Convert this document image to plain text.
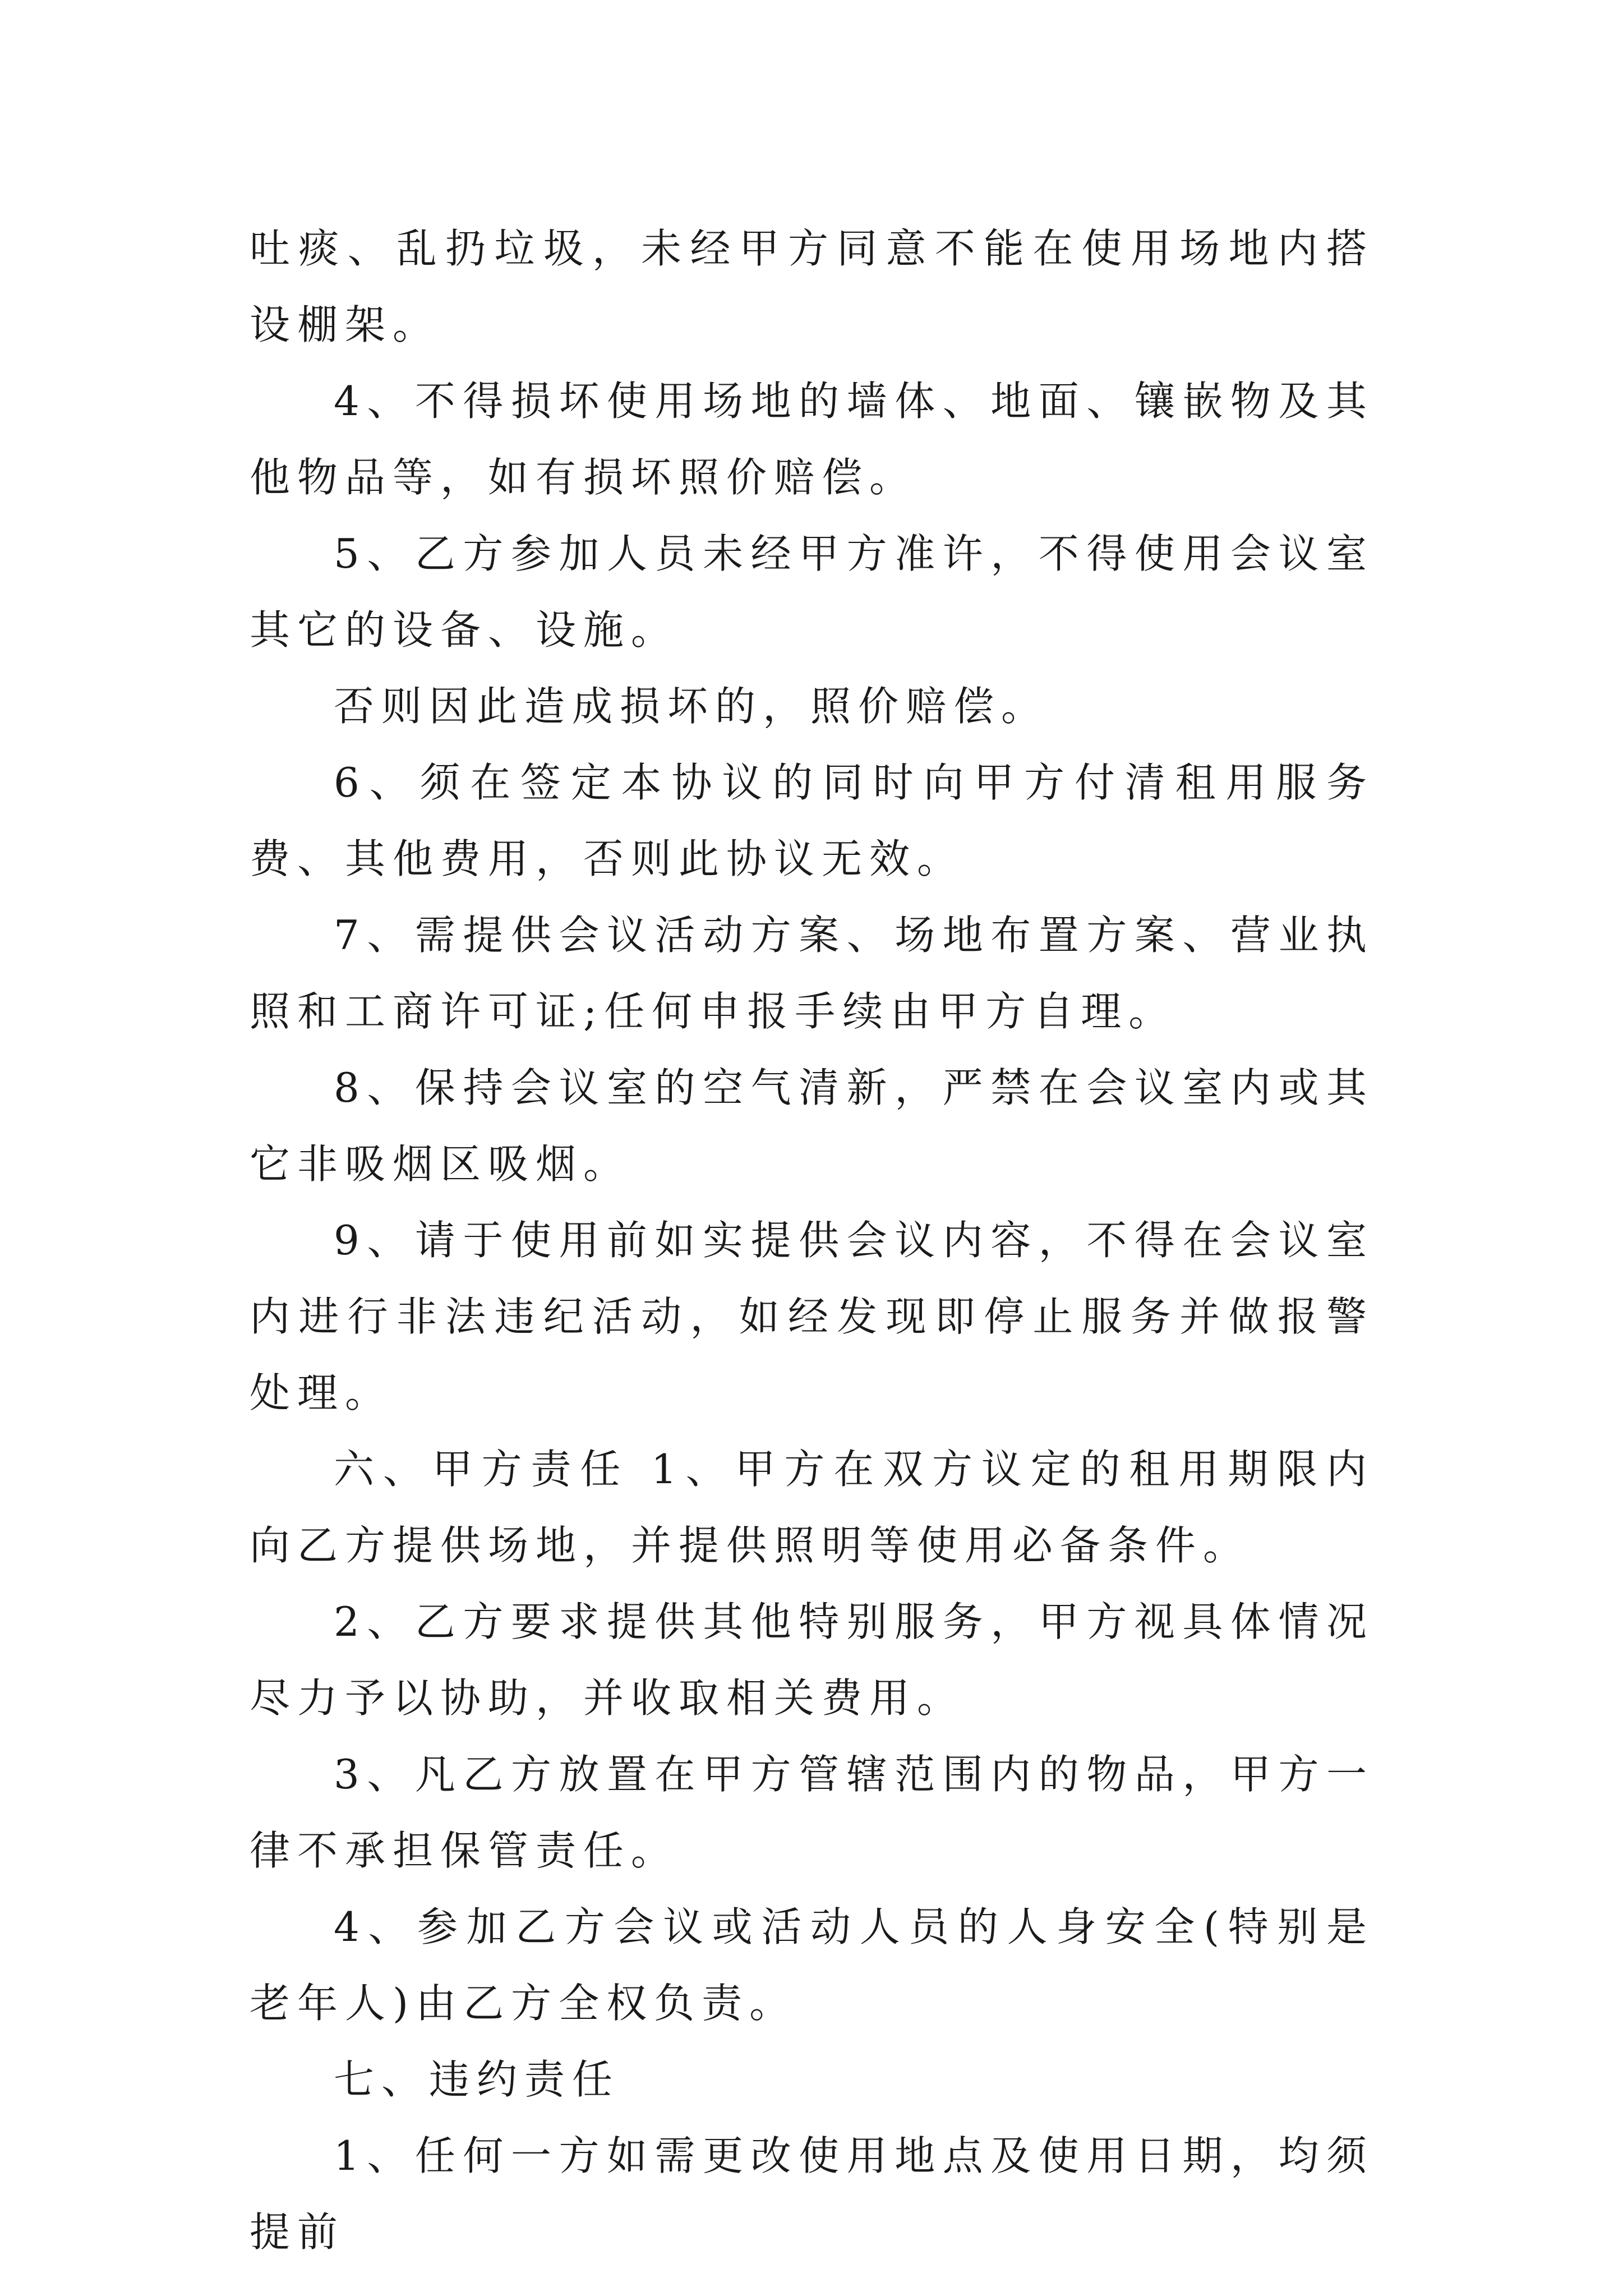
吐痰、乱扔垃圾，未经甲方同意不能在使用场地内搭设棚架。

4、不得损坏使用场地的墙体、地面、镶嵌物及其他物品等，如有损坏照价赔偿。

5、乙方参加人员未经甲方准许，不得使用会议室其它的设备、设施。

否则因此造成损坏的，照价赔偿。

6、须在签定本协议的同时向甲方付清租用服务费、其他费用，否则此协议无效。

7、需提供会议活动方案、场地布置方案、营业执照和工商许可证;任何申报手续由甲方自理。

8、保持会议室的空气清新，严禁在会议室内或其它非吸烟区吸烟。

9、请于使用前如实提供会议内容，不得在会议室内进行非法违纪活动，如经发现即停止服务并做报警处理。

六、甲方责任 1、甲方在双方议定的租用期限内向乙方提供场地，并提供照明等使用必备条件。

2、乙方要求提供其他特别服务，甲方视具体情况尽力予以协助，并收取相关费用。

3、凡乙方放置在甲方管辖范围内的物品，甲方一律不承担保管责任。

4、参加乙方会议或活动人员的人身安全(特别是老年人)由乙方全权负责。

七、违约责任

1、任何一方如需更改使用地点及使用日期，均须提前
